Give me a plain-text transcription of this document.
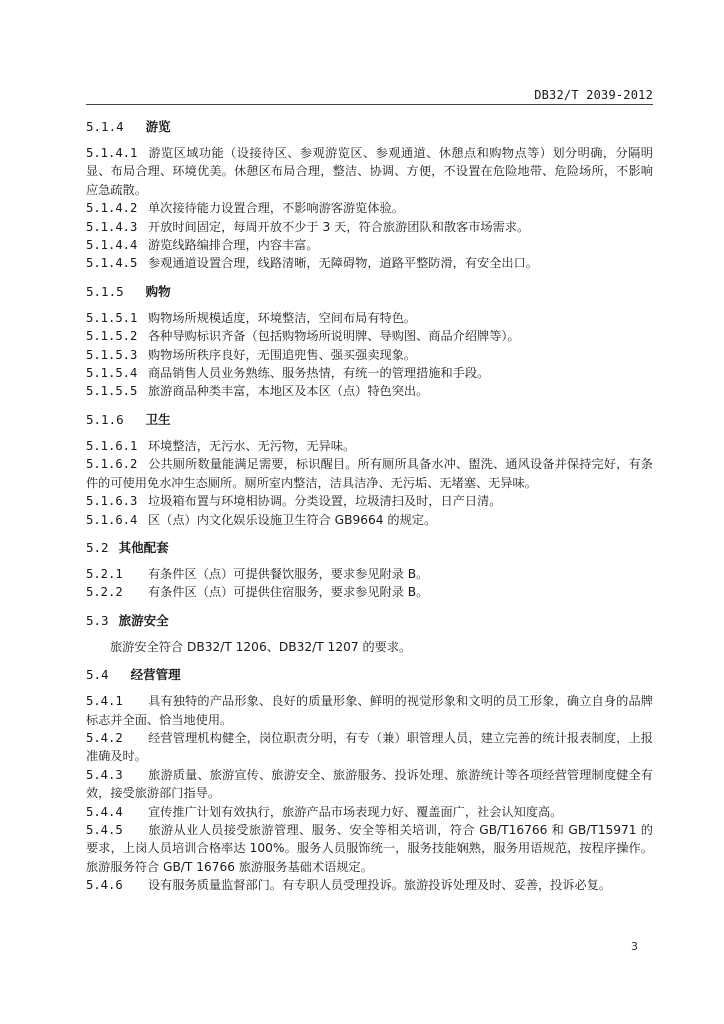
DB32/T 2039-2012
5.1.4 游览

5.1.4.1 游览区域功能（设接待区、参观游览区、参观通道、休憩点和购物点等）划分明确，分隔明显、布局合理、环境优美。休憩区布局合理，整洁、协调、方便，不设置在危险地带、危险场所，不影响应急疏散。

5.1.4.2 单次接待能力设置合理，不影响游客游览体验。

5.1.4.3 开放时间固定，每周开放不少于 3 天，符合旅游团队和散客市场需求。

5.1.4.4 游览线路编排合理，内容丰富。

5.1.4.5 参观通道设置合理，线路清晰，无障碍物，道路平整防滑，有安全出口。

5.1.5 购物

5.1.5.1 购物场所规模适度，环境整洁，空间布局有特色。

5.1.5.2 各种导购标识齐备（包括购物场所说明牌、导购图、商品介绍牌等）。

5.1.5.3 购物场所秩序良好，无围追兜售、强买强卖现象。

5.1.5.4 商品销售人员业务熟练、服务热情，有统一的管理措施和手段。

5.1.5.5 旅游商品种类丰富，本地区及本区（点）特色突出。

5.1.6 卫生

5.1.6.1 环境整洁，无污水、无污物，无异味。

5.1.6.2 公共厕所数量能满足需要，标识醒目。所有厕所具备水冲、盥洗、通风设备并保持完好，有条件的可使用免水冲生态厕所。厕所室内整洁，洁具洁净、无污垢、无堵塞、无异味。

5.1.6.3 垃圾箱布置与环境相协调。分类设置，垃圾清扫及时，日产日清。

5.1.6.4 区（点）内文化娱乐设施卫生符合 GB9664 的规定。

5.2 其他配套

5.2.1 有条件区（点）可提供餐饮服务，要求参见附录 B。

5.2.2 有条件区（点）可提供住宿服务，要求参见附录 B。

5.3 旅游安全

旅游安全符合 DB32/T 1206、DB32/T 1207 的要求。

5.4 经营管理

5.4.1 具有独特的产品形象、良好的质量形象、鲜明的视觉形象和文明的员工形象，确立自身的品牌标志并全面、恰当地使用。

5.4.2 经营管理机构健全，岗位职责分明，有专（兼）职管理人员，建立完善的统计报表制度，上报准确及时。

5.4.3 旅游质量、旅游宣传、旅游安全、旅游服务、投诉处理、旅游统计等各项经营管理制度健全有效，接受旅游部门指导。

5.4.4 宣传推广计划有效执行，旅游产品市场表现力好、覆盖面广，社会认知度高。

5.4.5 旅游从业人员接受旅游管理、服务、安全等相关培训，符合 GB/T16766 和 GB/T15971 的要求，上岗人员培训合格率达 100%。服务人员服饰统一，服务技能娴熟，服务用语规范，按程序操作。旅游服务符合 GB/T 16766 旅游服务基础术语规定。

5.4.6 设有服务质量监督部门。有专职人员受理投诉。旅游投诉处理及时、妥善，投诉必复。

3
